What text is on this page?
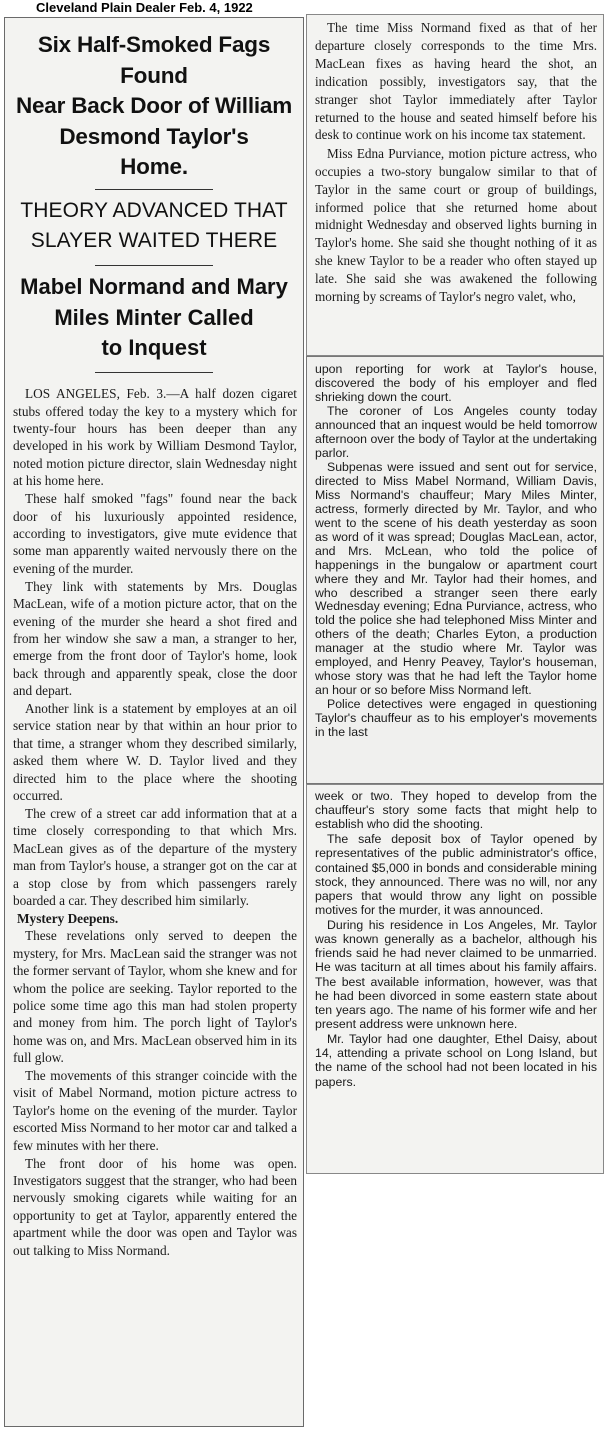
Cleveland Plain Dealer Feb. 4, 1922
Six Half-Smoked Fags Found
Near Back Door of William
Desmond Taylor's
Home.
THEORY ADVANCED THAT
SLAYER WAITED THERE
Mabel Normand and Mary
Miles Minter Called
to Inquest

LOS ANGELES, Feb. 3.—A half dozen cigaret stubs offered today the key to a mystery which for twenty-four hours has been deeper than any developed in his work by William Desmond Taylor, noted motion picture director, slain Wednesday night at his home here.

These half smoked "fags" found near the back door of his luxuriously appointed residence, according to investigators, give mute evidence that some man apparently waited nervously there on the evening of the murder.

They link with statements by Mrs. Douglas MacLean, wife of a motion picture actor, that on the evening of the murder she heard a shot fired and from her window she saw a man, a stranger to her, emerge from the front door of Taylor's home, look back through and apparently speak, close the door and depart.

Another link is a statement by employes at an oil service station near by that within an hour prior to that time, a stranger whom they described similarly, asked them where W. D. Taylor lived and they directed him to the place where the shooting occurred.

The crew of a street car add information that at a time closely corresponding to that which Mrs. MacLean gives as of the departure of the mystery man from Taylor's house, a stranger got on the car at a stop close by from which passengers rarely boarded a car. They described him similarly.

Mystery Deepens.

These revelations only served to deepen the mystery, for Mrs. MacLean said the stranger was not the former servant of Taylor, whom she knew and for whom the police are seeking. Taylor reported to the police some time ago this man had stolen property and money from him. The porch light of Taylor's home was on, and Mrs. MacLean observed him in its full glow.

The movements of this stranger coincide with the visit of Mabel Normand, motion picture actress to Taylor's home on the evening of the murder. Taylor escorted Miss Normand to her motor car and talked a few minutes with her there.

The front door of his home was open. Investigators suggest that the stranger, who had been nervously smoking cigarets while waiting for an opportunity to get at Taylor, apparently entered the apartment while the door was open and Taylor was out talking to Miss Normand.

The time Miss Normand fixed as that of her departure closely corresponds to the time Mrs. MacLean fixes as having heard the shot, an indication possibly, investigators say, that the stranger shot Taylor immediately after Taylor returned to the house and seated himself before his desk to continue work on his income tax statement.

Miss Edna Purviance, motion picture actress, who occupies a two-story bungalow similar to that of Taylor in the same court or group of buildings, informed police that she returned home about midnight Wednesday and observed lights burning in Taylor's home. She said she thought nothing of it as she knew Taylor to be a reader who often stayed up late. She said she was awakened the following morning by screams of Taylor's negro valet, who,

upon reporting for work at Taylor's house, discovered the body of his employer and fled shrieking down the court.

The coroner of Los Angeles county today announced that an inquest would be held tomorrow afternoon over the body of Taylor at the undertaking parlor.

Subpenas were issued and sent out for service, directed to Miss Mabel Normand, William Davis, Miss Normand's chauffeur; Mary Miles Minter, actress, formerly directed by Mr. Taylor, and who went to the scene of his death yesterday as soon as word of it was spread; Douglas MacLean, actor, and Mrs. McLean, who told the police of happenings in the bungalow or apartment court where they and Mr. Taylor had their homes, and who described a stranger seen there early Wednesday evening; Edna Purviance, actress, who told the police she had telephoned Miss Minter and others of the death; Charles Eyton, a production manager at the studio where Mr. Taylor was employed, and Henry Peavey, Taylor's houseman, whose story was that he had left the Taylor home an hour or so before Miss Normand left.

Police detectives were engaged in questioning Taylor's chauffeur as to his employer's movements in the last

week or two. They hoped to develop from the chauffeur's story some facts that might help to establish who did the shooting.

The safe deposit box of Taylor opened by representatives of the public administrator's office, contained $5,000 in bonds and considerable mining stock, they announced. There was no will, nor any papers that would throw any light on possible motives for the murder, it was announced.

During his residence in Los Angeles, Mr. Taylor was known generally as a bachelor, although his friends said he had never claimed to be unmarried. He was taciturn at all times about his family affairs. The best available information, however, was that he had been divorced in some eastern state about ten years ago. The name of his former wife and her present address were unknown here.

Mr. Taylor had one daughter, Ethel Daisy, about 14, attending a private school on Long Island, but the name of the school had not been located in his papers.
